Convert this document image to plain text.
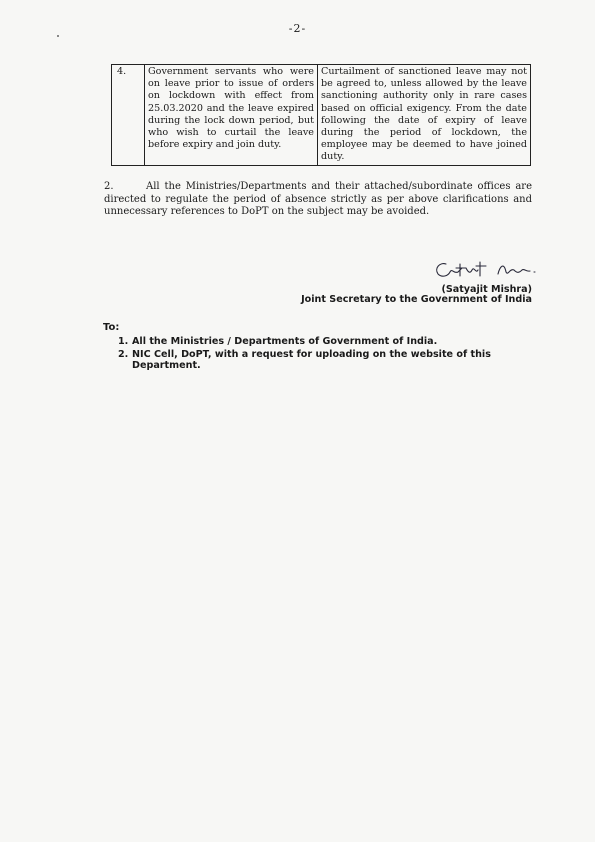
-2-
4.	Government servants who were on leave prior to issue of orders on lockdown with effect from 25.03.2020 and the leave expired during the lock down period, but who wish to curtail the leave before expiry and join duty.	Curtailment of sanctioned leave may not be agreed to, unless allowed by the leave sanctioning authority only in rare cases based on official exigency. From the date following the date of expiry of leave during the period of lockdown, the employee may be deemed to have joined duty.

2.	All the Ministries/Departments and their attached/subordinate offices are directed to regulate the period of absence strictly as per above clarifications and unnecessary references to DoPT on the subject may be avoided.

(Satyajit Mishra)
Joint Secretary to the Government of India
To:
1. All the Ministries / Departments of Government of India.
2. NIC Cell, DoPT, with a request for uploading on the website of this Department.
